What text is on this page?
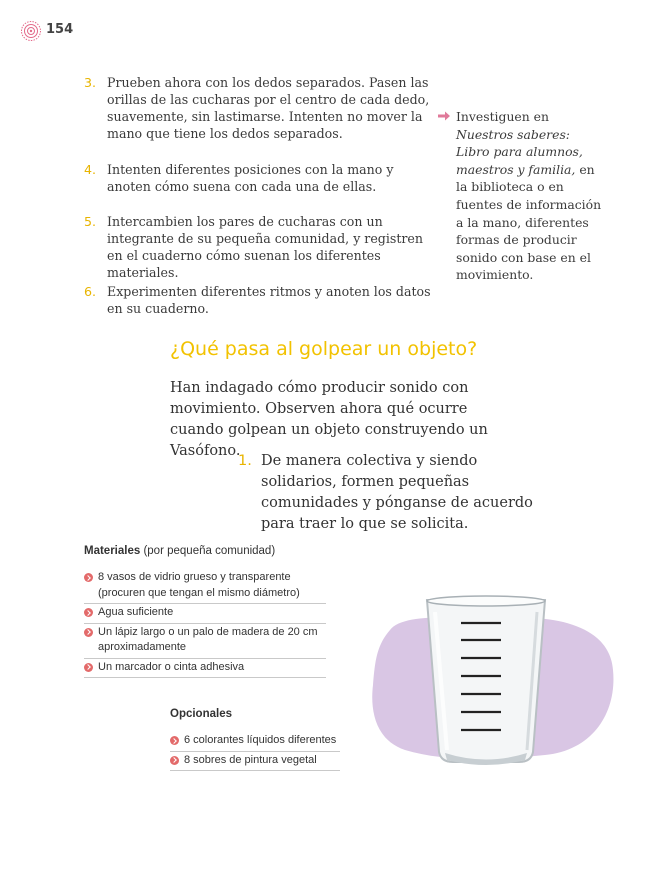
154
3. Prueben ahora con los dedos separados. Pasen las orillas de las cucharas por el centro de cada dedo, suavemente, sin lastimarse. Intenten no mover la mano que tiene los dedos separados.
4. Intenten diferentes posiciones con la mano y anoten cómo suena con cada una de ellas.
5. Intercambien los pares de cucharas con un integrante de su pequeña comunidad, y registren en el cuaderno cómo suenan los diferentes materiales.
6. Experimenten diferentes ritmos y anoten los datos en su cuaderno.
Investiguen en Nuestros saberes: Libro para alumnos, maestros y familia, en la biblioteca o en fuentes de información a la mano, diferentes formas de producir sonido con base en el movimiento.
¿Qué pasa al golpear un objeto?
Han indagado cómo producir sonido con movimiento. Observen ahora qué ocurre cuando golpean un objeto construyendo un Vasófono.
1. De manera colectiva y siendo solidarios, formen pequeñas comunidades y pónganse de acuerdo para traer lo que se solicita.
Materiales (por pequeña comunidad)
8 vasos de vidrio grueso y transparente (procuren que tengan el mismo diámetro)
Agua suficiente
Un lápiz largo o un palo de madera de 20 cm aproximadamente
Un marcador o cinta adhesiva
Opcionales
6 colorantes líquidos diferentes
8 sobres de pintura vegetal
